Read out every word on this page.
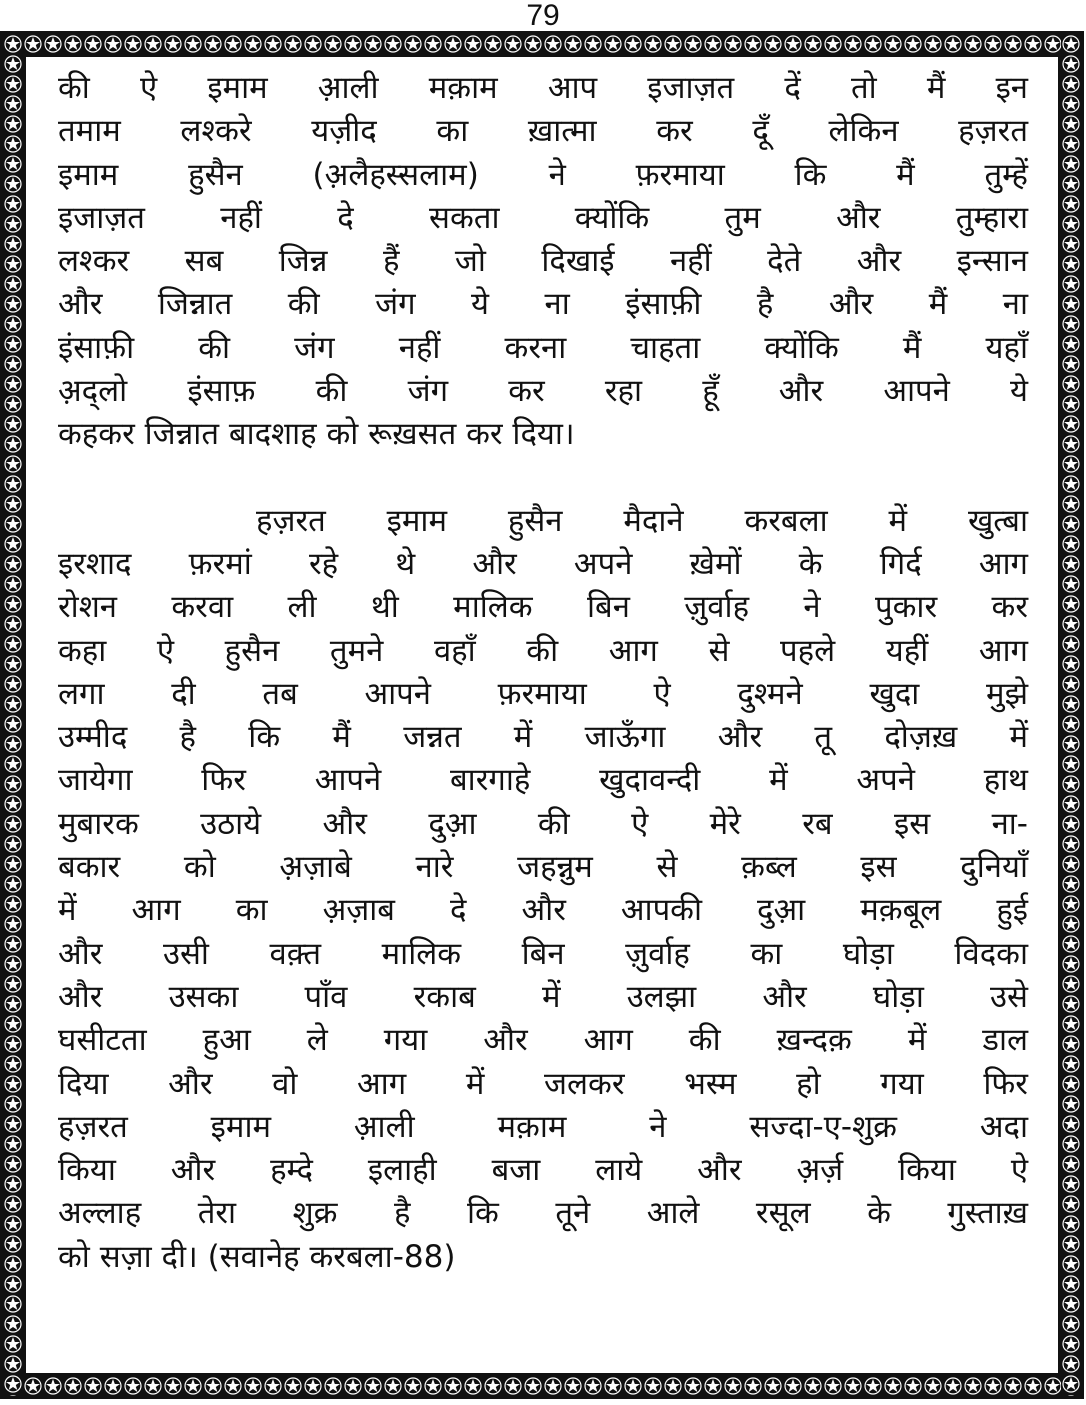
79
की ऐ इमाम अ़ाली मक़ाम आप इजाज़त दें तो मैं इन
तमाम लश्करे यज़ीद का ख़ात्मा कर दूँ लेकिन हज़रत
इमाम हुसैन (अ़लैहस्सलाम) ने फ़रमाया कि मैं तुम्हें
इजाज़त नहीं दे सकता क्योंकि तुम और तुम्हारा
लश्कर सब जिन्न हैं जो दिखाई नहीं देते और इन्सान
और जिन्नात की जंग ये ना इंसाफ़ी है और मैं ना
इंसाफ़ी की जंग नहीं करना चाहता क्योंकि मैं यहाँ
अ़द्लो इंसाफ़ की जंग कर रहा हूँ और आपने ये
कहकर जिन्नात बादशाह को रूख़सत कर दिया।
हज़रत इमाम हुसैन मैदाने करबला में खुत्बा
इरशाद फ़रमां रहे थे और अपने ख़ेमों के गिर्द आग
रोशन करवा ली थी मालिक बिन ज़ुर्वाह ने पुकार कर
कहा ऐ हुसैन तुमने वहाँ की आग से पहले यहीं आग
लगा दी तब आपने फ़रमाया ऐ दुश्मने खुदा मुझे
उम्मीद है कि मैं जन्नत में जाऊँगा और तू दोज़ख़ में
जायेगा फिर आपने बारगाहे खुदावन्दी में अपने हाथ
मुबारक उठाये और दुअ़ा की ऐ मेरे रब इस ना-
बकार को अ़ज़ाबे नारे जहन्नुम से क़ब्ल इस दुनियाँ
में आग का अ़ज़ाब दे और आपकी दुअ़ा मक़बूल हुई
और उसी वक़्त मालिक बिन ज़ुर्वाह का घोड़ा विदका
और उसका पाँव रकाब में उलझा और घोड़ा उसे
घसीटता हुआ ले गया और आग की ख़न्दक़ में डाल
दिया और वो आग में जलकर भस्म हो गया फिर
हज़रत इमाम अ़ाली मक़ाम ने सज्दा-ए-शुक्र अदा
किया और हम्दे इलाही बजा लाये और अ़र्ज़ किया ऐ
अल्लाह तेरा शुक्र है कि तूने आले रसूल के गुस्ताख़
को सज़ा दी। (सवानेह करबला-88)
